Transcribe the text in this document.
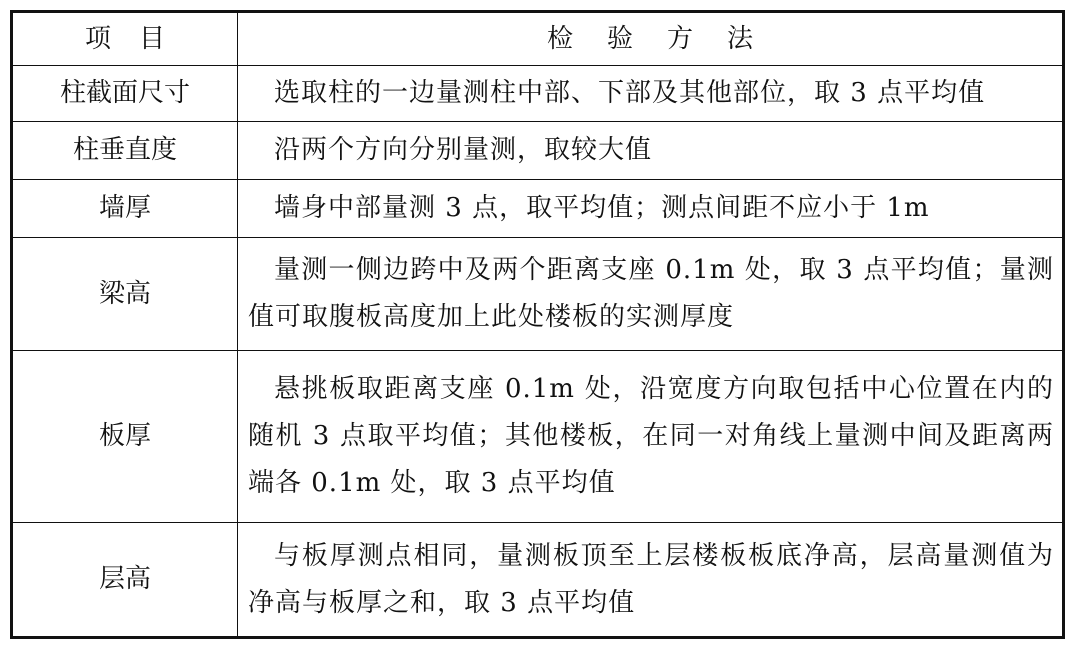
项目	检验方法
柱截面尺寸	选取柱的一边量测柱中部、下部及其他部位，取 3 点平均值
柱垂直度	沿两个方向分别量测，取较大值
墙厚	墙身中部量测 3 点，取平均值；测点间距不应小于 1m
梁高	量测一侧边跨中及两个距离支座 0.1m 处，取 3 点平均值；量测值可取腹板高度加上此处楼板的实测厚度
板厚	悬挑板取距离支座 0.1m 处，沿宽度方向取包括中心位置在内的随机 3 点取平均值；其他楼板，在同一对角线上量测中间及距离两端各 0.1m 处，取 3 点平均值
层高	与板厚测点相同，量测板顶至上层楼板板底净高，层高量测值为净高与板厚之和，取 3 点平均值
